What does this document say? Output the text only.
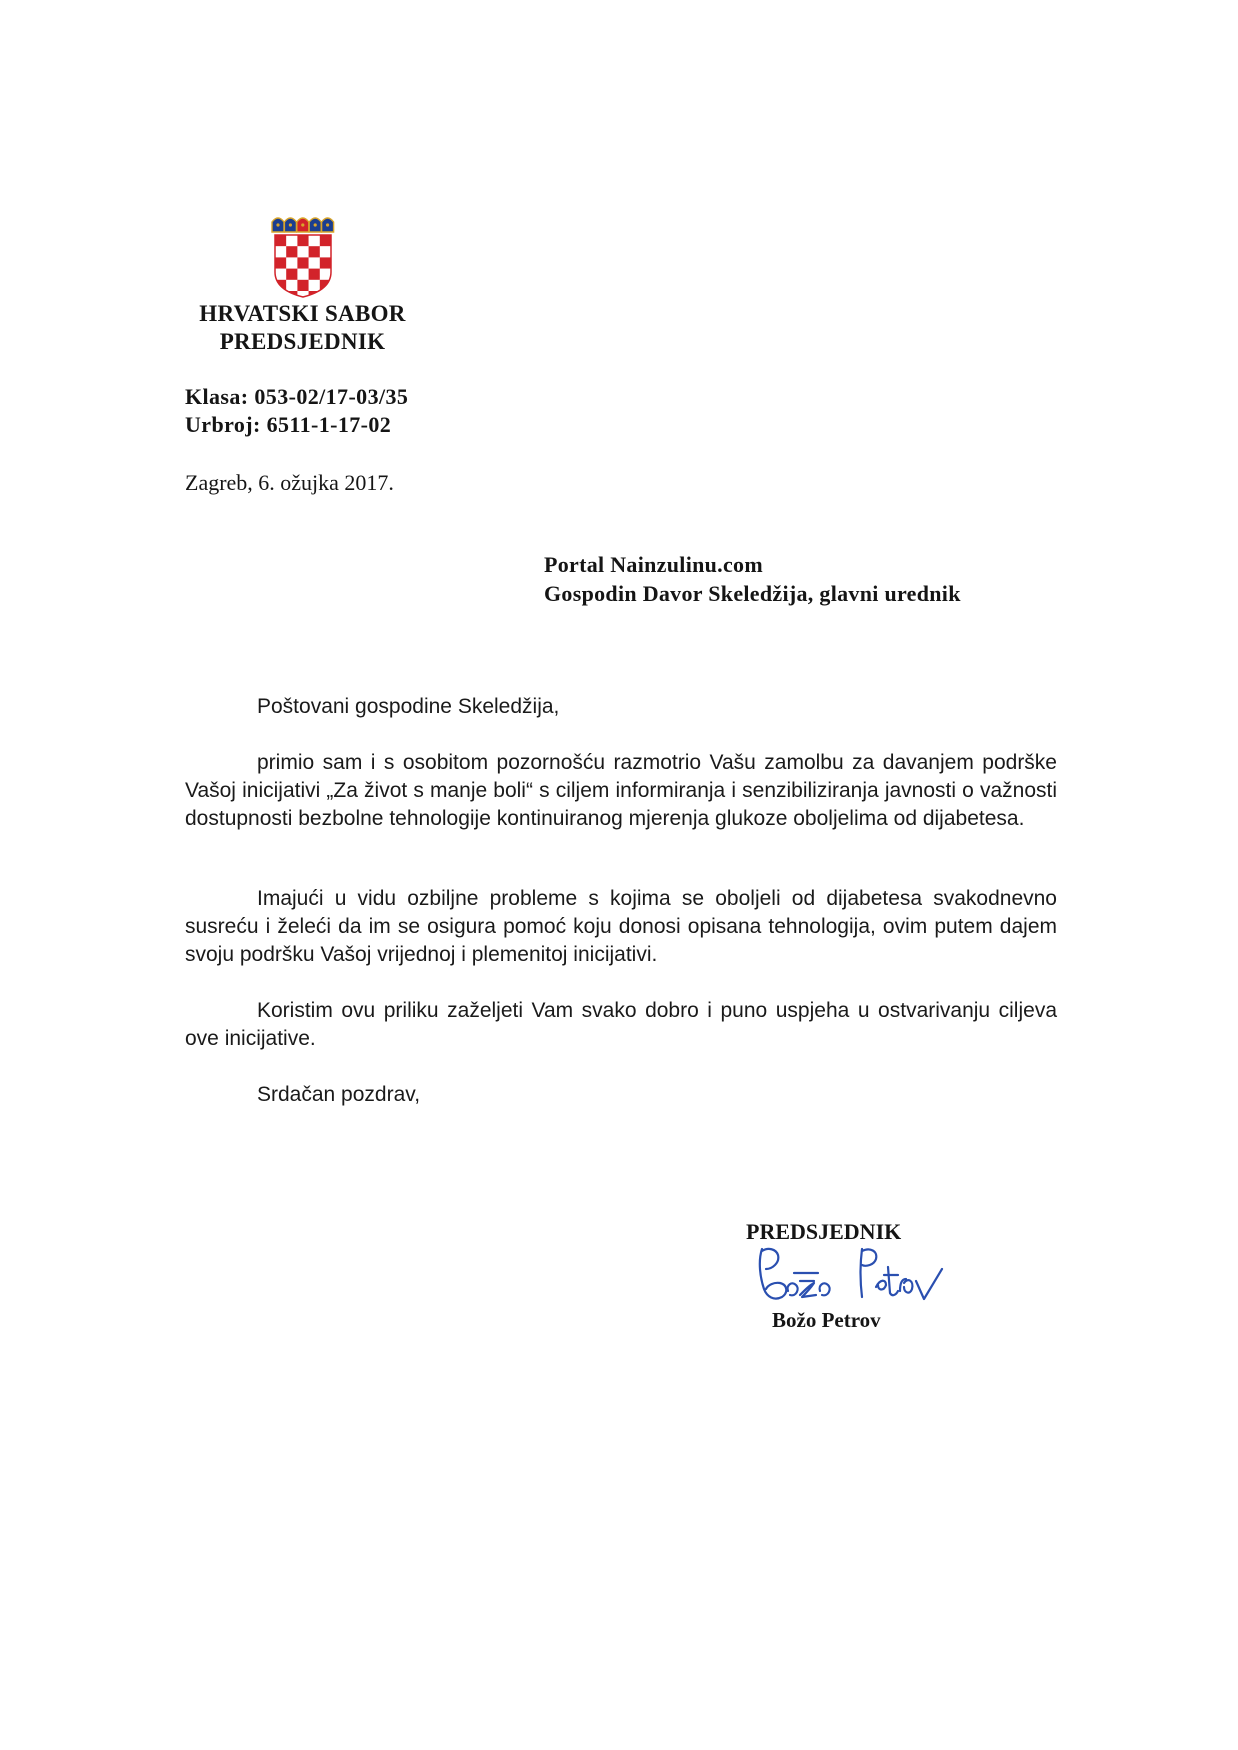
HRVATSKI SABOR
PREDSJEDNIK
Klasa: 053-02/17-03/35
Urbroj: 6511-1-17-02
Zagreb, 6. ožujka 2017.
Portal Nainzulinu.com
Gospodin Davor Skeledžija, glavni urednik
Poštovani gospodine Skeledžija,

primio sam i s osobitom pozornošću razmotrio Vašu zamolbu za davanjem podrške Vašoj inicijativi „Za život s manje boli“ s ciljem informiranja i senzibiliziranja javnosti o važnosti dostupnosti bezbolne tehnologije kontinuiranog mjerenja glukoze oboljelima od dijabetesa.

Imajući u vidu ozbiljne probleme s kojima se oboljeli od dijabetesa svakodnevno susreću i želeći da im se osigura pomoć koju donosi opisana tehnologija, ovim putem dajem svoju podršku Vašoj vrijednoj i plemenitoj inicijativi.

Koristim ovu priliku zaželjeti Vam svako dobro i puno uspjeha u ostvarivanju ciljeva ove inicijative.

Srdačan pozdrav,
PREDSJEDNIK
Božo Petrov
